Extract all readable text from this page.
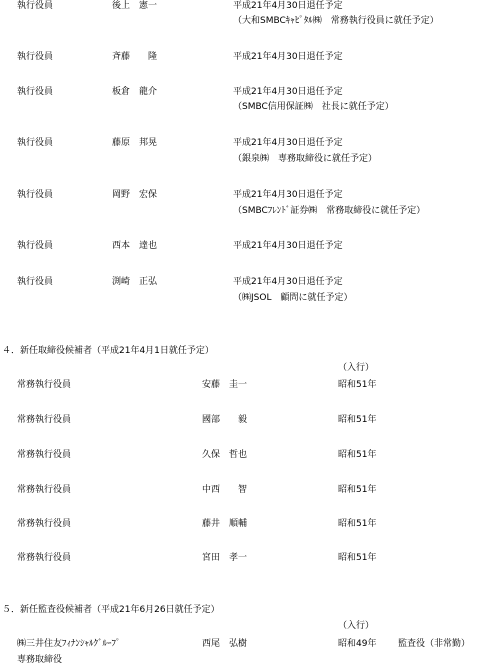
執行役員	後上　憲一	平成21年4月30日退任予定
（大和SMBCｷｬﾋﾟﾀﾙ㈱　常務執行役員に就任予定）
執行役員	斉藤　　隆	平成21年4月30日退任予定
執行役員	板倉　龍介	平成21年4月30日退任予定
（SMBC信用保証㈱　社長に就任予定）
執行役員	藤原　邦晃	平成21年4月30日退任予定
（銀泉㈱　専務取締役に就任予定）
執行役員	岡野　宏保	平成21年4月30日退任予定
（SMBCﾌﾚﾝﾄﾞ証券㈱　常務取締役に就任予定）
執行役員	西本　達也	平成21年4月30日退任予定
執行役員	渕崎　正弘	平成21年4月30日退任予定
（㈱JSOL　顧問に就任予定）
４．新任取締役候補者（平成21年4月1日就任予定）
（入行）
常務執行役員	安藤　圭一	昭和51年
常務執行役員	國部　　毅	昭和51年
常務執行役員	久保　哲也	昭和51年
常務執行役員	中西　　智	昭和51年
常務執行役員	藤井　順輔	昭和51年
常務執行役員	宮田　孝一	昭和51年
５．新任監査役候補者（平成21年6月26日就任予定）
（入行）
㈱三井住友ﾌｨﾅﾝｼｬﾙｸﾞﾙｰﾌﾟ
専務取締役
西尾　弘樹	昭和49年 監査役（非常勤）
